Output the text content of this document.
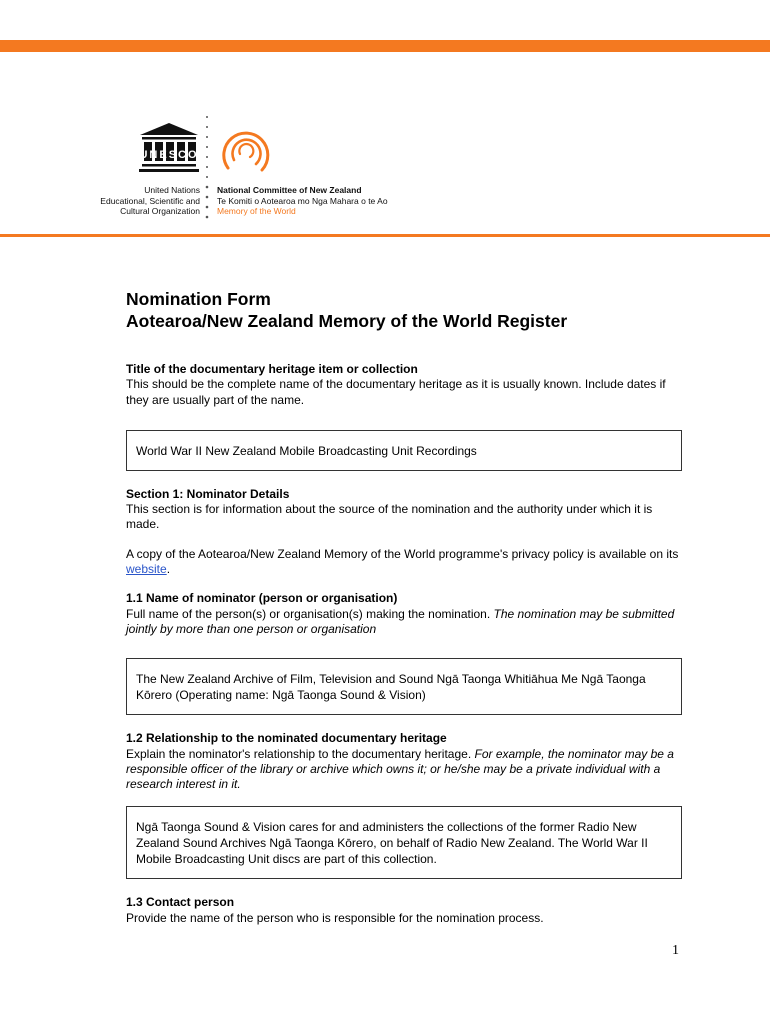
UNESCO
United Nations
Educational, Scientific and
Cultural Organization
National Committee of New Zealand
Te Komiti o Aotearoa mo Nga Mahara o te Ao
Memory of the World
Nomination Form
Aotearoa/New Zealand Memory of the World Register
Title of the documentary heritage item or collection

This should be the complete name of the documentary heritage as it is usually known. Include dates if they are usually part of the name.

World War II New Zealand Mobile Broadcasting Unit Recordings
Section 1: Nominator Details

This section is for information about the source of the nomination and the authority under which it is made.

A copy of the Aotearoa/New Zealand Memory of the World programme's privacy policy is available on its website.

1.1 Name of nominator (person or organisation)

Full name of the person(s) or organisation(s) making the nomination. The nomination may be submitted jointly by more than one person or organisation

The New Zealand Archive of Film, Television and Sound Ngā Taonga Whitiāhua Me Ngā Taonga Kōrero (Operating name: Ngā Taonga Sound & Vision)
1.2 Relationship to the nominated documentary heritage

Explain the nominator's relationship to the documentary heritage. For example, the nominator may be a responsible officer of the library or archive which owns it; or he/she may be a private individual with a research interest in it.

Ngā Taonga Sound & Vision cares for and administers the collections of the former Radio New Zealand Sound Archives Ngā Taonga Kōrero, on behalf of Radio New Zealand. The World War II Mobile Broadcasting Unit discs are part of this collection.
1.3 Contact person

Provide the name of the person who is responsible for the nomination process.

1
